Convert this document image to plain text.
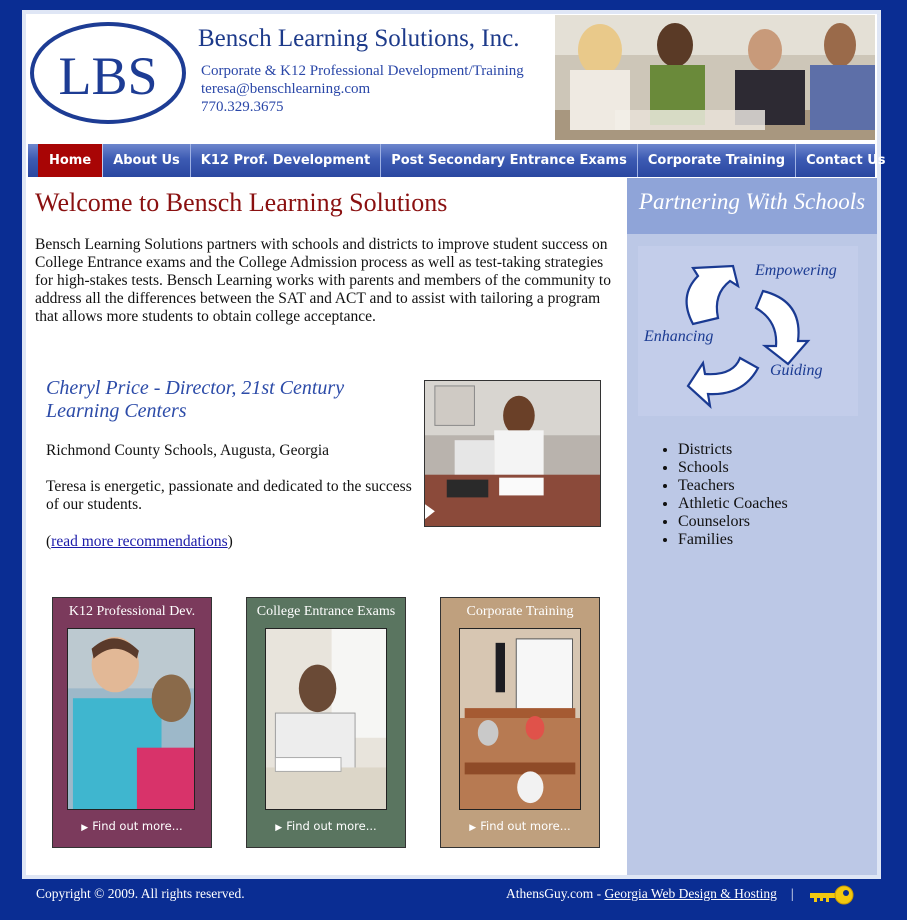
LBS
Bensch Learning Solutions, Inc.
Corporate & K12 Professional Development/Training
teresa@benschlearning.com
770.329.3675
Home	About Us	K12 Prof. Development	Post Secondary Entrance Exams	Corporate Training	Contact Us
Welcome to Bensch Learning Solutions
Bensch Learning Solutions partners with schools and districts to improve student success on College Entrance exams and the College Admission process as well as test-taking strategies for high-stakes tests. Bensch Learning works with parents and members of the community to address all the differences between the SAT and ACT and to assist with tailoring a program that allows more students to obtain college acceptance.
Cheryl Price - Director, 21st Century Learning Centers
Richmond County Schools, Augusta, Georgia
Teresa is energetic, passionate and dedicated to the success of our students.
(read more recommendations)
K12 Professional Dev.
▶ Find out more...
College Entrance Exams
▶ Find out more...
Corporate Training
▶ Find out more...
Partnering With Schools
Empowering
Enhancing
Guiding
• Districts
• Schools
• Teachers
• Athletic Coaches
• Counselors
• Families
Copyright © 2009. All rights reserved.	AthensGuy.com - Georgia Web Design & Hosting |
